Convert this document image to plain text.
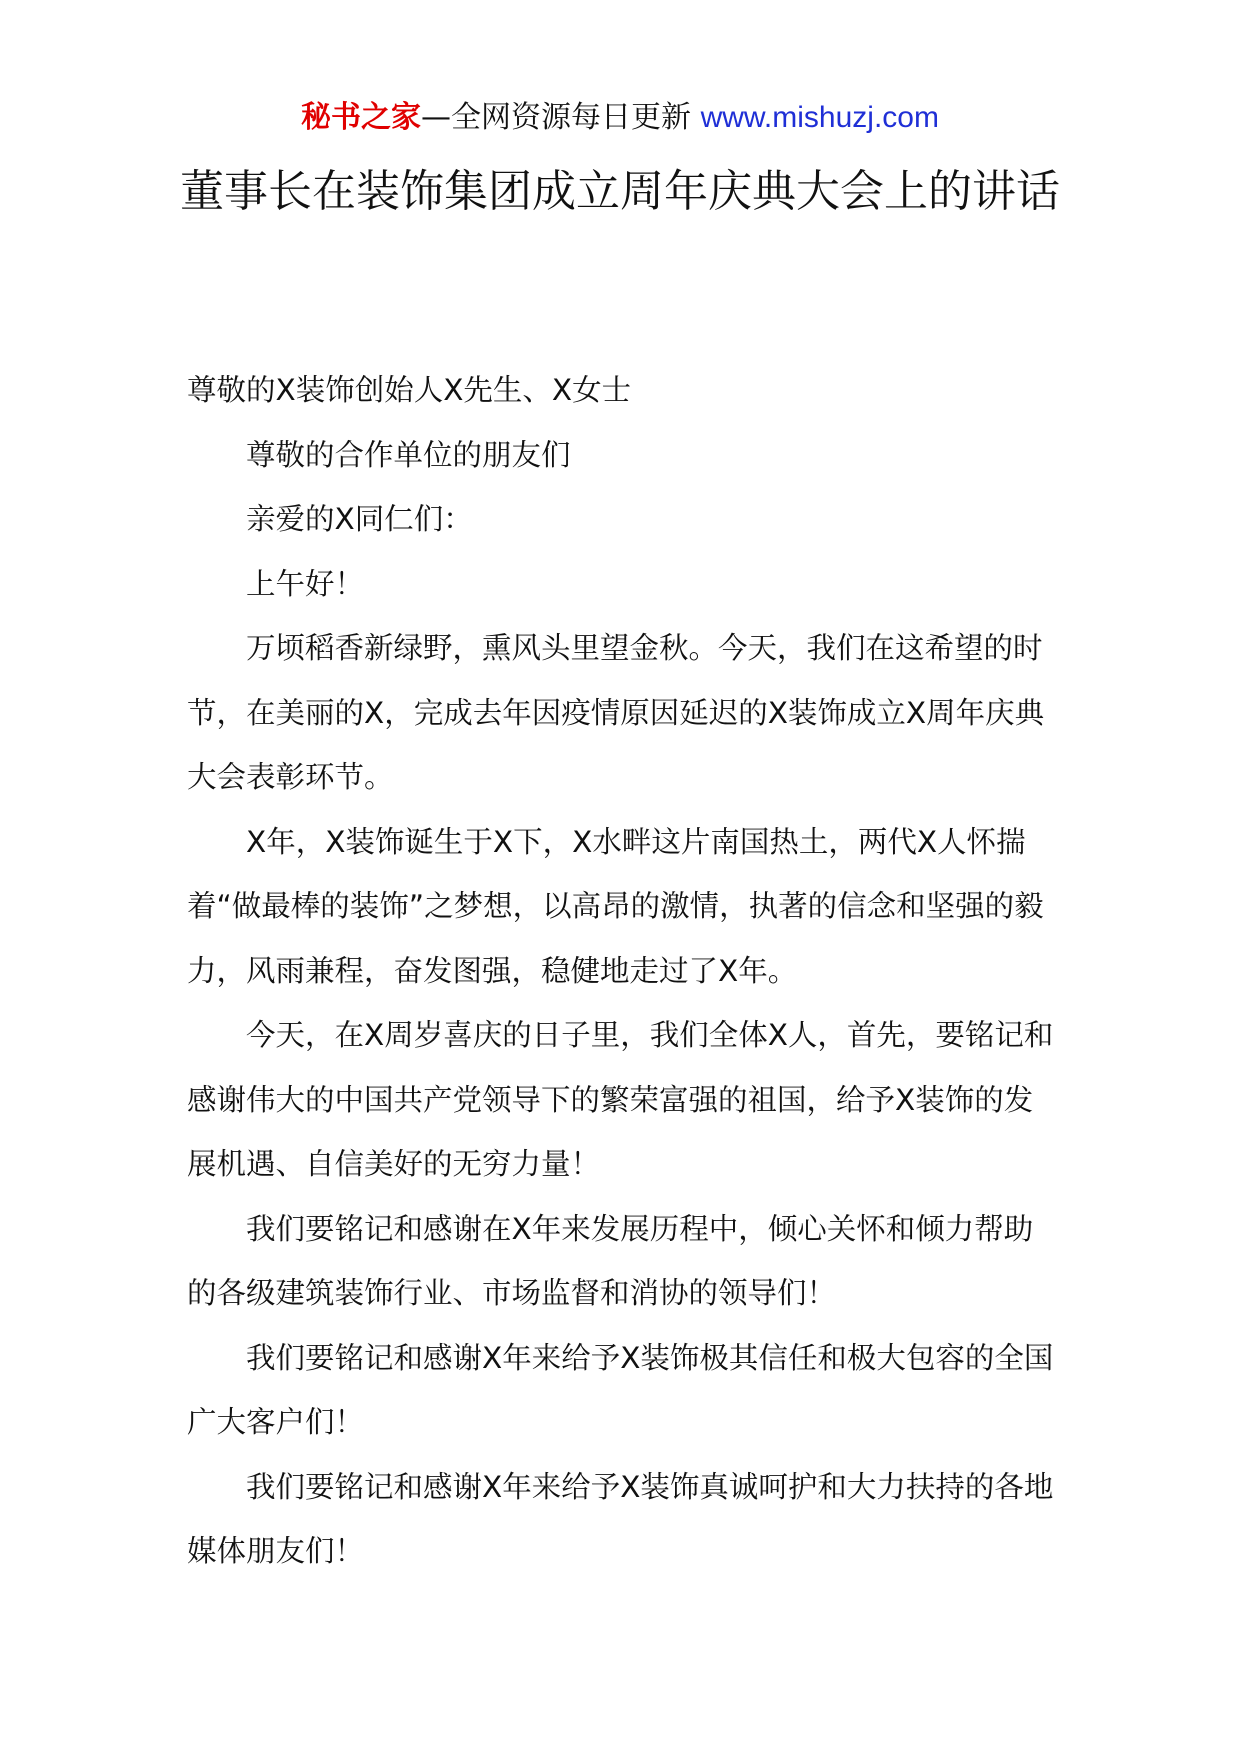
秘书之家—全网资源每日更新 www.mishuzj.com
董事长在装饰集团成立周年庆典大会上的讲话

尊敬的X装饰创始人X先生、X女士

尊敬的合作单位的朋友们

亲爱的X同仁们：

上午好！

万顷稻香新绿野，熏风头里望金秋。今天，我们在这希望的时节，在美丽的X，完成去年因疫情原因延迟的X装饰成立X周年庆典大会表彰环节。

X年，X装饰诞生于X下，X水畔这片南国热土，两代X人怀揣着“做最棒的装饰”之梦想，以高昂的激情，执著的信念和坚强的毅力，风雨兼程，奋发图强，稳健地走过了X年。

今天，在X周岁喜庆的日子里，我们全体X人，首先，要铭记和感谢伟大的中国共产党领导下的繁荣富强的祖国，给予X装饰的发展机遇、自信美好的无穷力量！

我们要铭记和感谢在X年来发展历程中，倾心关怀和倾力帮助的各级建筑装饰行业、市场监督和消协的领导们！

我们要铭记和感谢X年来给予X装饰极其信任和极大包容的全国广大客户们！

我们要铭记和感谢X年来给予X装饰真诚呵护和大力扶持的各地媒体朋友们！
